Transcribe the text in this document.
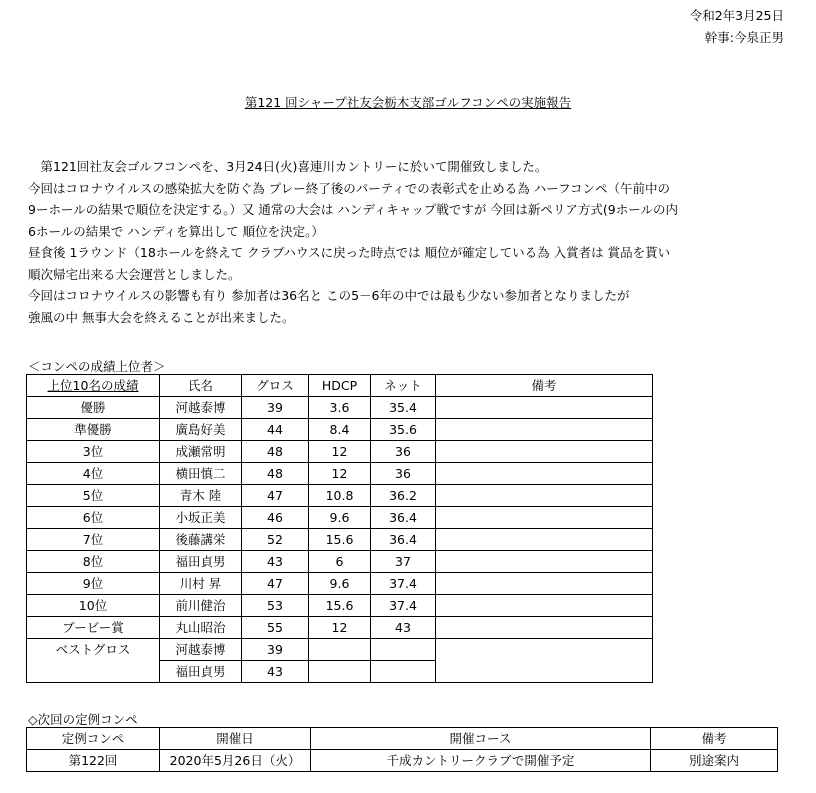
令和2年3月25日
幹事:今泉正男
第121 回シャープ社友会栃木支部ゴルフコンペの実施報告
　第121回社友会ゴルフコンペを、3月24日(火)喜連川カントリーに於いて開催致しました。
今回はコロナウイルスの感染拡大を防ぐ為 プレー終了後のパーティでの表彰式を止める為 ハーフコンペ（午前中の
9ーホールの結果で順位を決定する。）又 通常の大会は ハンディキャップ戦ですが 今回は新ペリア方式(9ホールの内
6ホールの結果で ハンディを算出して 順位を決定。）
昼食後 1ラウンド（18ホールを終えて クラブハウスに戻った時点では 順位が確定している為 入賞者は 賞品を貰い
順次帰宅出来る大会運営としました。
今回はコロナウイルスの影響も有り 参加者は36名と この5－6年の中では最も少ない参加者となりましたが
強風の中 無事大会を終えることが出来ました。
＜コンペの成績上位者＞
上位10名の成績	氏名	グロス	HDCP	ネット	備考
優勝	河越泰博	39	3.6	35.4	
準優勝	廣島好美	44	8.4	35.6	
3位	成瀬常明	48	12	36	
4位	横田慎二	48	12	36	
5位	青木 陸	47	10.8	36.2	
6位	小坂正美	46	9.6	36.4	
7位	後藤講栄	52	15.6	36.4	
8位	福田貞男	43	6	37	
9位	川村 昇	47	9.6	37.4	
10位	前川健治	53	15.6	37.4	
ブービー賞	丸山昭治	55	12	43	
ベストグロス	河越泰博	39			
	福田貞男	43			
◇次回の定例コンペ
定例コンペ	開催日	開催コース	備考
第122回	2020年5月26日（火）	千成カントリークラブで開催予定	別途案内
